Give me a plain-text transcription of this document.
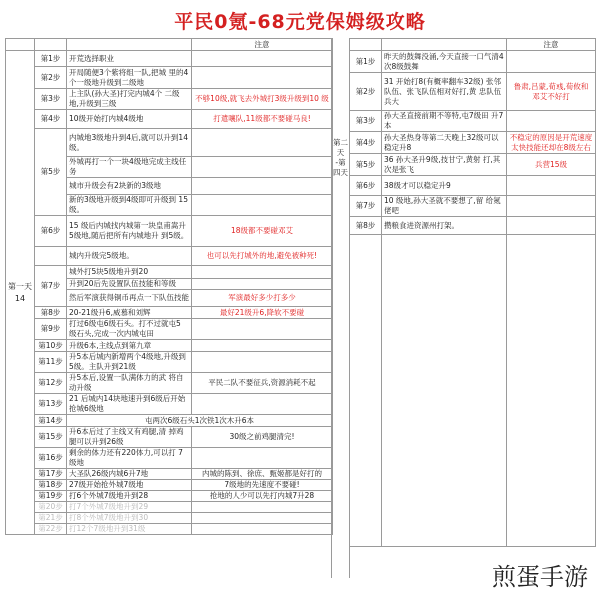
平民0氪-68元党保姆级攻略
			注意
第一天
14	第1步	开荒选择职业	
	第2步	开局随便3个紫将组一队,把城 里的4个一级地升级到二级地	
	第3步	上主队(孙大圣)打完内城4个 二级地,升级到三级	不够10级,就飞去外城打3级升级到10 级
	第4步	10级开始打内城4级地	打遣嚷队,11级都不要碰马良!
	第5步	内城地3级地升到4后,就可以升到14级。	
		外城再打一个一块4级地完成主线任务	
		城市升级会有2块新的3级地	
		新的3级地升级到4级即可升级到 15级。	
	第6步	15 级后内城找内城第一块皇甫嵩升5级地,随后把所有内城地升 到5级。	18级都不要碰邓艾
		城内升级完5级地。	也可以先打城外的地,避免被种死!
	第7步	城外打5块5级地升到20	
		升到20后先设置队伍技能和等级	
		然后军演获得铜币再点一下队伍技能	军演最好多少打多少
	第8步	20-21级升6,威慕和刘辉	最好21级升6,降软不要碰
	第9步	打过6级屯6级石头。打不过就屯5 级石头,完成一次内城屯田	
	第10步	升级6本,主线点到第九章	
	第11步	升5本后城内新增两个4级地,升级到5级。主队升到21级	
	第12步	升5本后,设置一队满体力的武 将自动升级	平民二队不要征兵,资源消耗不起
	第13步	21 后城内14块地速升到6级后开始抢城6级地	
	第14步	屯两次6级石头1次铁1次木升6本	
	第15步	升6本后过了主线又有鸡腿,清 掉鸡腿可以升到26级	30级之前鸡腿清完!
	第16步	剩余的体力还有220体力,可以打 7级地	
	第17步	大圣队26级内城6升7地	内城的陈到、徐庶、甄姬都是好打的
	第18步	27级开始抢外城7级地	7级地的先速度不要碰!
	第19步	打6个外城7级地升到28	抢地的人少可以先打内城7升28
	第20步	打7个外城7级地升到29	
	第21步	打8个外城7级地升到30	
	第22步	打12个7级地升到31级	
第二天
-第四天
		注意
第1步	昨天的鼓舞没涌,今天直接一口气清4次8级鼓舞	
第2步	31 开始打8(有概率翻车32级) 张邻队伍、张飞队伍相对好打,黄 忠队伍兵大	鲁肃,吕蒙,荀彧,荀攸和 邓艾不好打
第3步	孙大圣直接前期不等特,屯7级田 升7本	
第4步	孙大圣热身等第二天晚上32级可以稳定升8	不稳定的原因是开荒速度太快技能还却在8级左右
第5步	36 孙大圣升9级,技甘宁,黄射 打,其次是张飞	兵营15级
第6步	38级才可以稳定升9	
第7步	10 级地,孙大圣就不要想了,留 给氪佬吧	
第8步	攒粮食进资源州打架。	

煎蛋手游
